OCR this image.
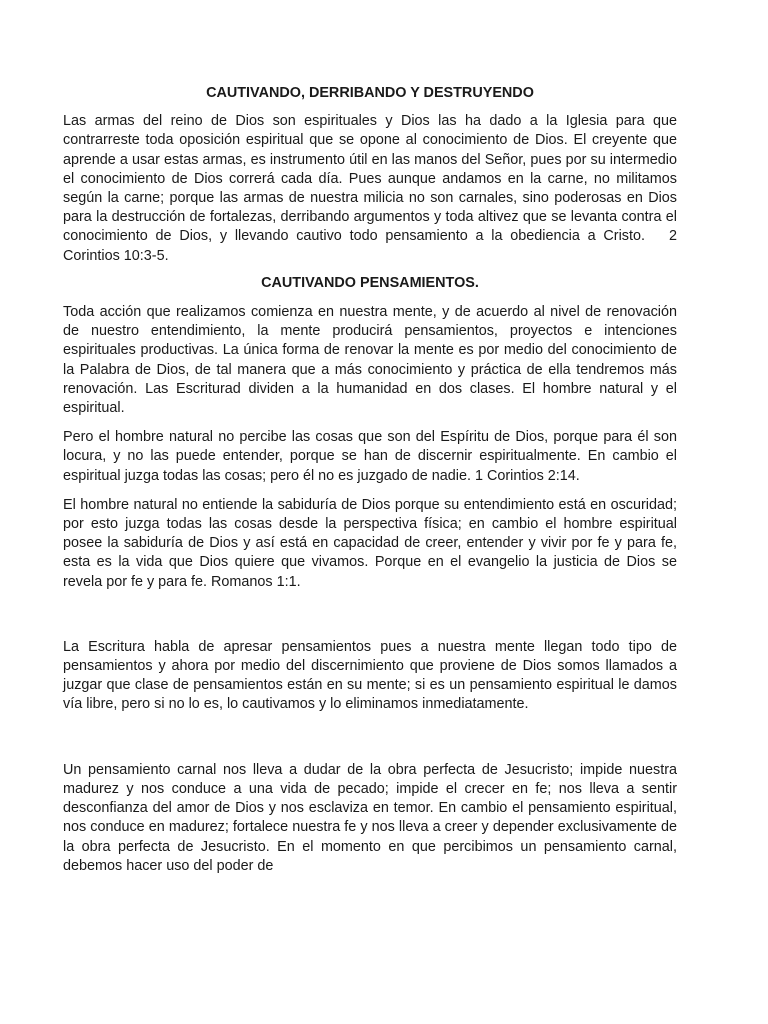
CAUTIVANDO, DERRIBANDO Y DESTRUYENDO

Las armas del reino de Dios son espirituales y Dios las ha dado a la Iglesia para que contrarreste toda oposición espiritual que se opone al conocimiento de Dios. El creyente que aprende a usar estas armas, es instrumento útil en las manos del Señor, pues por su intermedio el conocimiento de Dios correrá cada día. Pues aunque andamos en la carne, no militamos según la carne; porque las armas de nuestra milicia no son carnales, sino poderosas en Dios para la destrucción de fortalezas, derribando argumentos y toda altivez que se levanta contra el conocimiento de Dios, y llevando cautivo todo pensamiento a la obediencia a Cristo. 2 Corintios 10:3-5.

CAUTIVANDO PENSAMIENTOS.

Toda acción que realizamos comienza en nuestra mente, y de acuerdo al nivel de renovación de nuestro entendimiento, la mente producirá pensamientos, proyectos e intenciones espirituales productivas. La única forma de renovar la mente es por medio del conocimiento de la Palabra de Dios, de tal manera que a más conocimiento y práctica de ella tendremos más renovación. Las Escriturad dividen a la humanidad en dos clases. El hombre natural y el espiritual.

Pero el hombre natural no percibe las cosas que son del Espíritu de Dios, porque para él son locura, y no las puede entender, porque se han de discernir espiritualmente. En cambio el espiritual juzga todas las cosas; pero él no es juzgado de nadie. 1 Corintios 2:14.

El hombre natural no entiende la sabiduría de Dios porque su entendimiento está en oscuridad; por esto juzga todas las cosas desde la perspectiva física; en cambio el hombre espiritual posee la sabiduría de Dios y así está en capacidad de creer, entender y vivir por fe y para fe, esta es la vida que Dios quiere que vivamos. Porque en el evangelio la justicia de Dios se revela por fe y para fe. Romanos 1:1.

La Escritura habla de apresar pensamientos pues a nuestra mente llegan todo tipo de pensamientos y ahora por medio del discernimiento que proviene de Dios somos llamados a juzgar que clase de pensamientos están en su mente; si es un pensamiento espiritual le damos vía libre, pero si no lo es, lo cautivamos y lo eliminamos inmediatamente.

Un pensamiento carnal nos lleva a dudar de la obra perfecta de Jesucristo; impide nuestra madurez y nos conduce a una vida de pecado; impide el crecer en fe; nos lleva a sentir desconfianza del amor de Dios y nos esclaviza en temor. En cambio el pensamiento espiritual, nos conduce en madurez; fortalece nuestra fe y nos lleva a creer y depender exclusivamente de la obra perfecta de Jesucristo. En el momento en que percibimos un pensamiento carnal, debemos hacer uso del poder de
